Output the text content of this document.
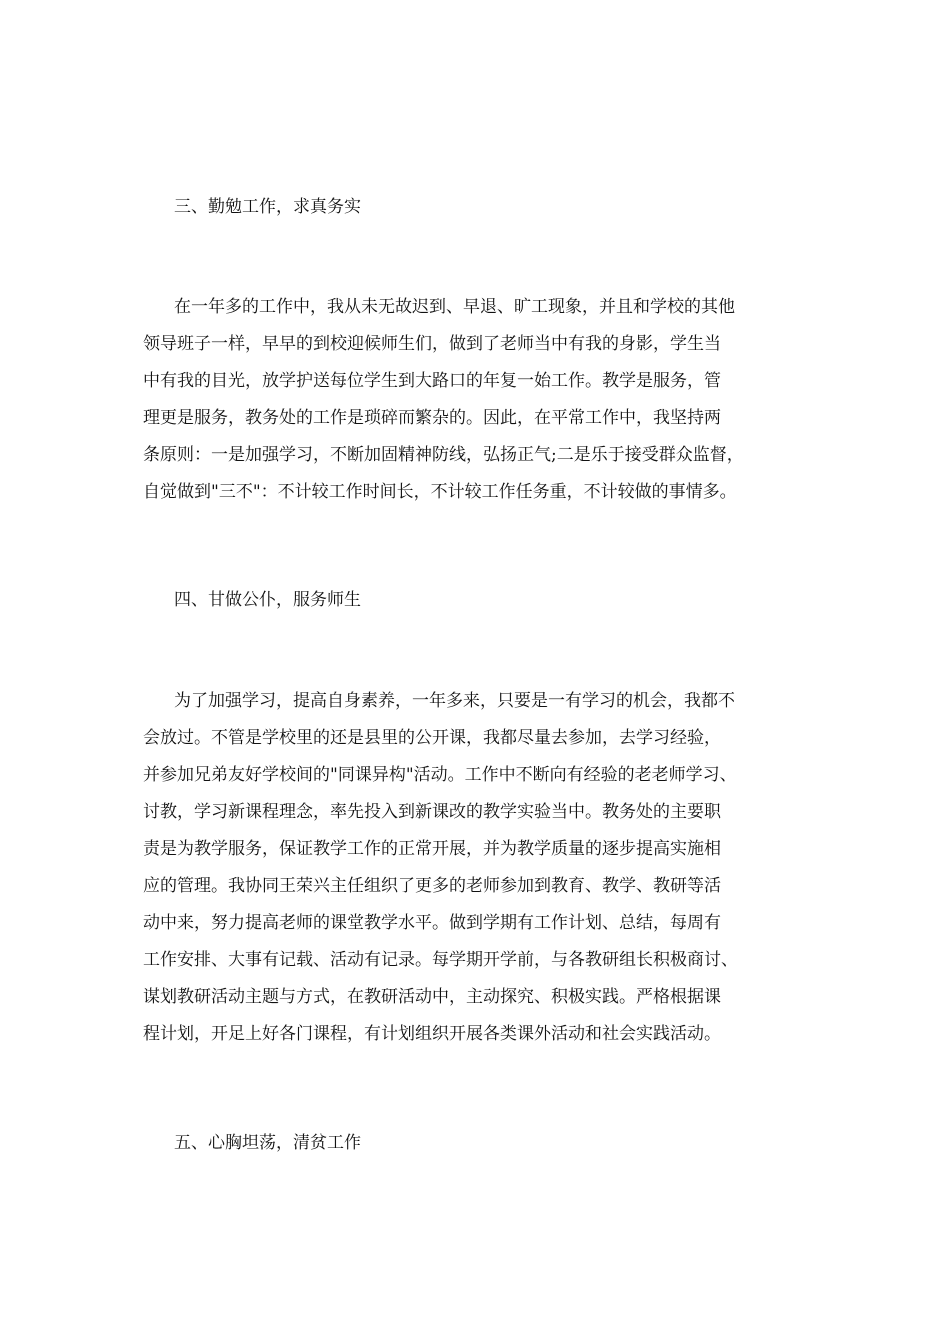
三、勤勉工作，求真务实
在一年多的工作中，我从未无故迟到、早退、旷工现象，并且和学校的其他
领导班子一样，早早的到校迎候师生们，做到了老师当中有我的身影，学生当
中有我的目光，放学护送每位学生到大路口的年复一始工作。教学是服务，管
理更是服务，教务处的工作是琐碎而繁杂的。因此，在平常工作中，我坚持两
条原则：一是加强学习，不断加固精神防线，弘扬正气;二是乐于接受群众监督，
自觉做到"三不"：不计较工作时间长，不计较工作任务重，不计较做的事情多。
四、甘做公仆，服务师生
为了加强学习，提高自身素养，一年多来，只要是一有学习的机会，我都不
会放过。不管是学校里的还是县里的公开课，我都尽量去参加，去学习经验，
并参加兄弟友好学校间的"同课异构"活动。工作中不断向有经验的老老师学习、
讨教，学习新课程理念，率先投入到新课改的教学实验当中。教务处的主要职
责是为教学服务，保证教学工作的正常开展，并为教学质量的逐步提高实施相
应的管理。我协同王荣兴主任组织了更多的老师参加到教育、教学、教研等活
动中来，努力提高老师的课堂教学水平。做到学期有工作计划、总结，每周有
工作安排、大事有记载、活动有记录。每学期开学前，与各教研组长积极商讨、
谋划教研活动主题与方式，在教研活动中，主动探究、积极实践。严格根据课
程计划，开足上好各门课程，有计划组织开展各类课外活动和社会实践活动。
五、心胸坦荡，清贫工作
